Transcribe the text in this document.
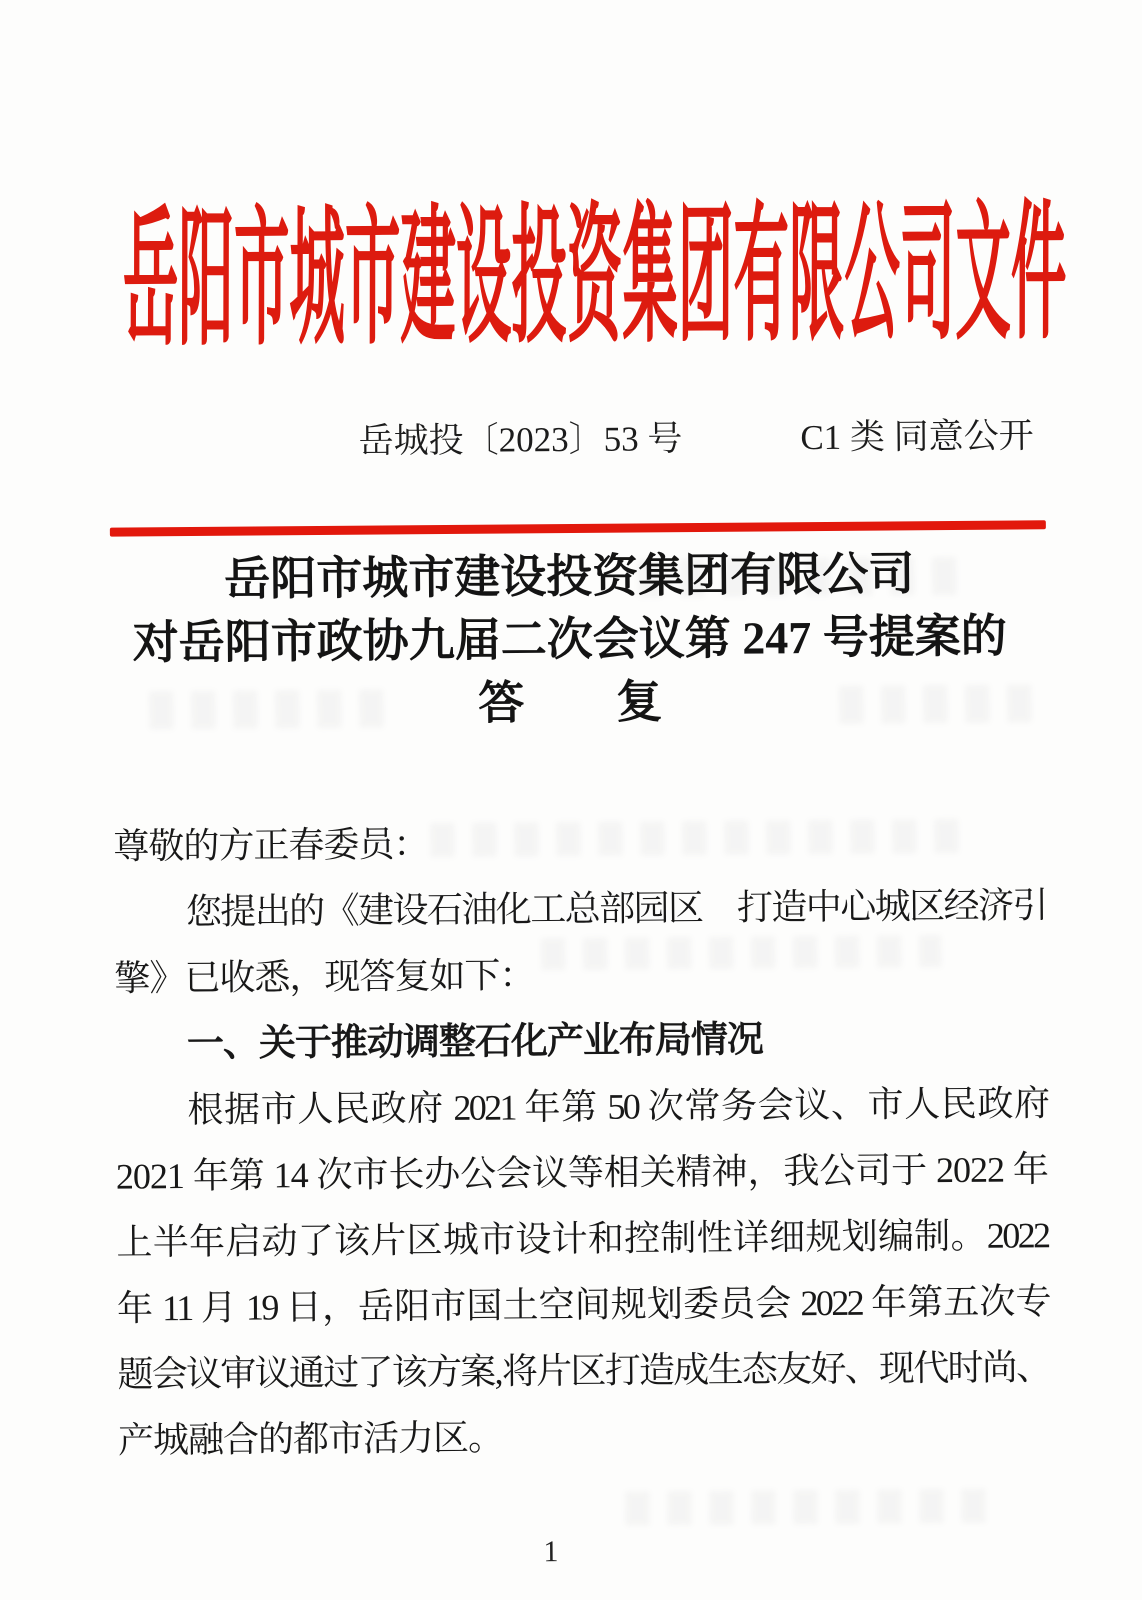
岳阳市城市建设投资集团有限公司文件
岳城投〔2023〕53 号	C1 类 同意公开
岳阳市城市建设投资集团有限公司
对岳阳市政协九届二次会议第 247 号提案的
答　　复
尊敬的方正春委员：
您提出的《建设石油化工总部园区　打造中心城区经济引
擎》已收悉，现答复如下：
一、关于推动调整石化产业布局情况
根据市人民政府 2021 年第 50 次常务会议、市人民政府
2021 年第 14 次市长办公会议等相关精神，我公司于 2022 年
上半年启动了该片区城市设计和控制性详细规划编制。2022
年 11 月 19 日，岳阳市国土空间规划委员会 2022 年第五次专
题会议审议通过了该方案,将片区打造成生态友好、现代时尚、
产城融合的都市活力区。
1
